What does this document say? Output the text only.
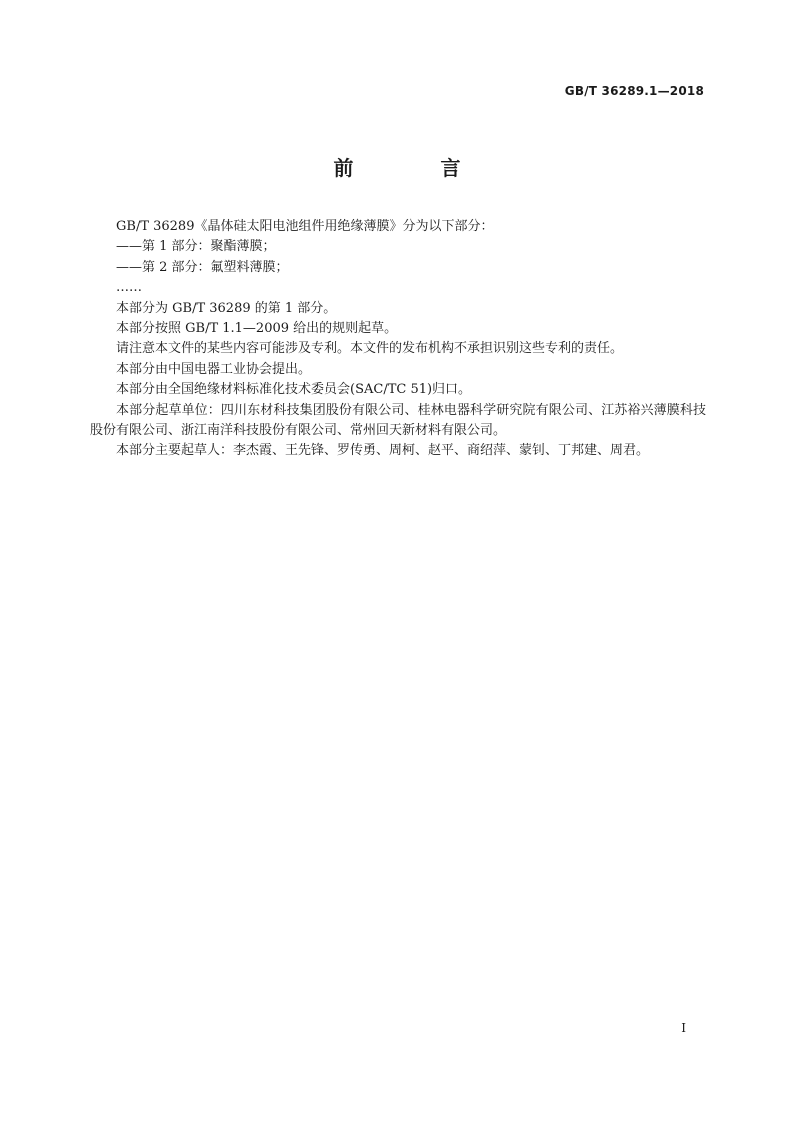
GB/T 36289.1—2018
前 言

GB/T 36289《晶体硅太阳电池组件用绝缘薄膜》分为以下部分：

——第 1 部分：聚酯薄膜；

——第 2 部分：氟塑料薄膜；

……

本部分为 GB/T 36289 的第 1 部分。

本部分按照 GB/T 1.1—2009 给出的规则起草。

请注意本文件的某些内容可能涉及专利。本文件的发布机构不承担识别这些专利的责任。

本部分由中国电器工业协会提出。

本部分由全国绝缘材料标准化技术委员会(SAC/TC 51)归口。

本部分起草单位：四川东材科技集团股份有限公司、桂林电器科学研究院有限公司、江苏裕兴薄膜科技股份有限公司、浙江南洋科技股份有限公司、常州回天新材料有限公司。

本部分主要起草人：李杰霞、王先锋、罗传勇、周柯、赵平、商绍萍、蒙钊、丁邦建、周君。

I
